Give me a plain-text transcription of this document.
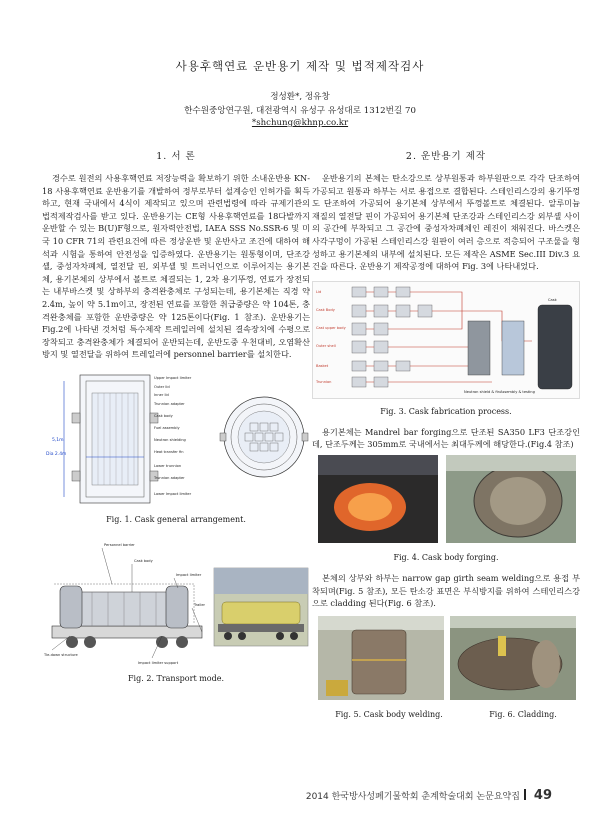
사용후핵연료 운반용기 제작 및 법적제작검사
정성환*, 정유창
한수원중앙연구원, 대전광역시 유성구 유성대로 1312번길 70
*shchung@khnp.co.kr
1. 서 론
경수로 원전의 사용후핵연료 저장능력을 확보하기 위한 소내운반용 KN-18 사용후핵연료 운반용기를 개발하여 정부로부터 설계승인 인허가를 획득하고, 현재 국내에서 4식이 제작되고 있으며 관련법령에 따라 규제기관의 법적제작검사를 받고 있다. 운반용기는 CE형 사용후핵연료를 18다발까지 운반할 수 있는 B(U)F형으로, 원자력안전법, IAEA SSS No.SSR-6 및 미국 10 CFR 71의 관련요건에 따른 정상운반 및 운반사고 조건에 대하여 해석과 시험을 통하여 안전성을 입증하였다. 운반용기는 원통형이며, 단조강 셸, 중성자차폐체, 열전달 핀, 외부셸 및 트러니언으로 이루어지는 용기본체, 용기본체의 상부에서 볼트로 체결되는 1, 2차 용기뚜껑, 연료가 장전되는 내부바스켓 및 상하부의 충격완충체로 구성되는데, 용기본체는 직경 약 2.4m, 높이 약 5.1m이고, 장전된 연료를 포함한 취급중량은 약 104톤, 충격완충체를 포함한 운반중량은 약 125톤이다(Fig. 1 참조). 운반용기는 Fig.2에 나타낸 것처럼 특수제작 트레일러에 설치된 결속장치에 수평으로 장착되고 충격완충체가 체결되어 운반되는데, 운반도중 우천대비, 오염확산방지 및 열전달을 위하여 트레일러에 personnel barrier를 설치한다.
5,1m
Dia 2.4m
Upper Impact limiter
Outer lid
Inner lid
Trunnion adapter
Cask body
Fuel assembly
Neutron shielding
Heat transfer fin
Lower trunnion
Trunnion adapter
Lower Impact limiter
Fig. 1. Cask general arrangement.
Personnel barrier
Cask body
Impact limiter
Trailer
Tie-down structure
Impact limiter support
Fig. 2. Transport mode.
2. 운반용기 제작
운반용기의 본체는 탄소강으로 상부원통과 하부원판으로 각각 단조하여 가공되고 원통과 하부는 서로 용접으로 결합된다. 스테인리스강의 용기뚜껑도 단조하여 가공되어 용기본체 상부에서 뚜껑볼트로 체결된다. 알루미늄 재질의 열전달 핀이 가공되어 용기본체 단조강과 스테인리스강 외부셸 사이의 공간에 부착되고 그 공간에 중성자차폐체인 레진이 채워진다. 바스켓은 사각구멍이 가공된 스테인리스강 원판이 여러 층으로 적층되어 구조물을 형성하고 용기본체의 내부에 설치된다. 모든 제작은 ASME Sec.III Div.3 요건을 따른다. 운반용기 제작공정에 대하여 Fig. 3에 나타내었다.
Lid
Cask Body
Cast upper body
Outer shell
Basket
Trunnion
Neutron shield & fin Assembly & testing
Cask
Fig. 3. Cask fabrication process.
용기본체는 Mandrel bar forging으로 단조된 SA350 LF3 단조강인데, 단조두께는 305mm로 국내에서는 최대두께에 해당한다.(Fig.4 참조)
Fig. 4. Cask body forging.
본체의 상부와 하부는 narrow gap girth seam welding으로 용접 부착되며(Fig. 5 참조), 모든 탄소강 표면은 부식방지를 위하여 스테인리스강으로 cladding 된다(Fig. 6 참조).
Fig. 5. Cask body welding.	Fig. 6. Cladding.
2014 한국방사성폐기물학회 춘계학술대회 논문요약집 49
